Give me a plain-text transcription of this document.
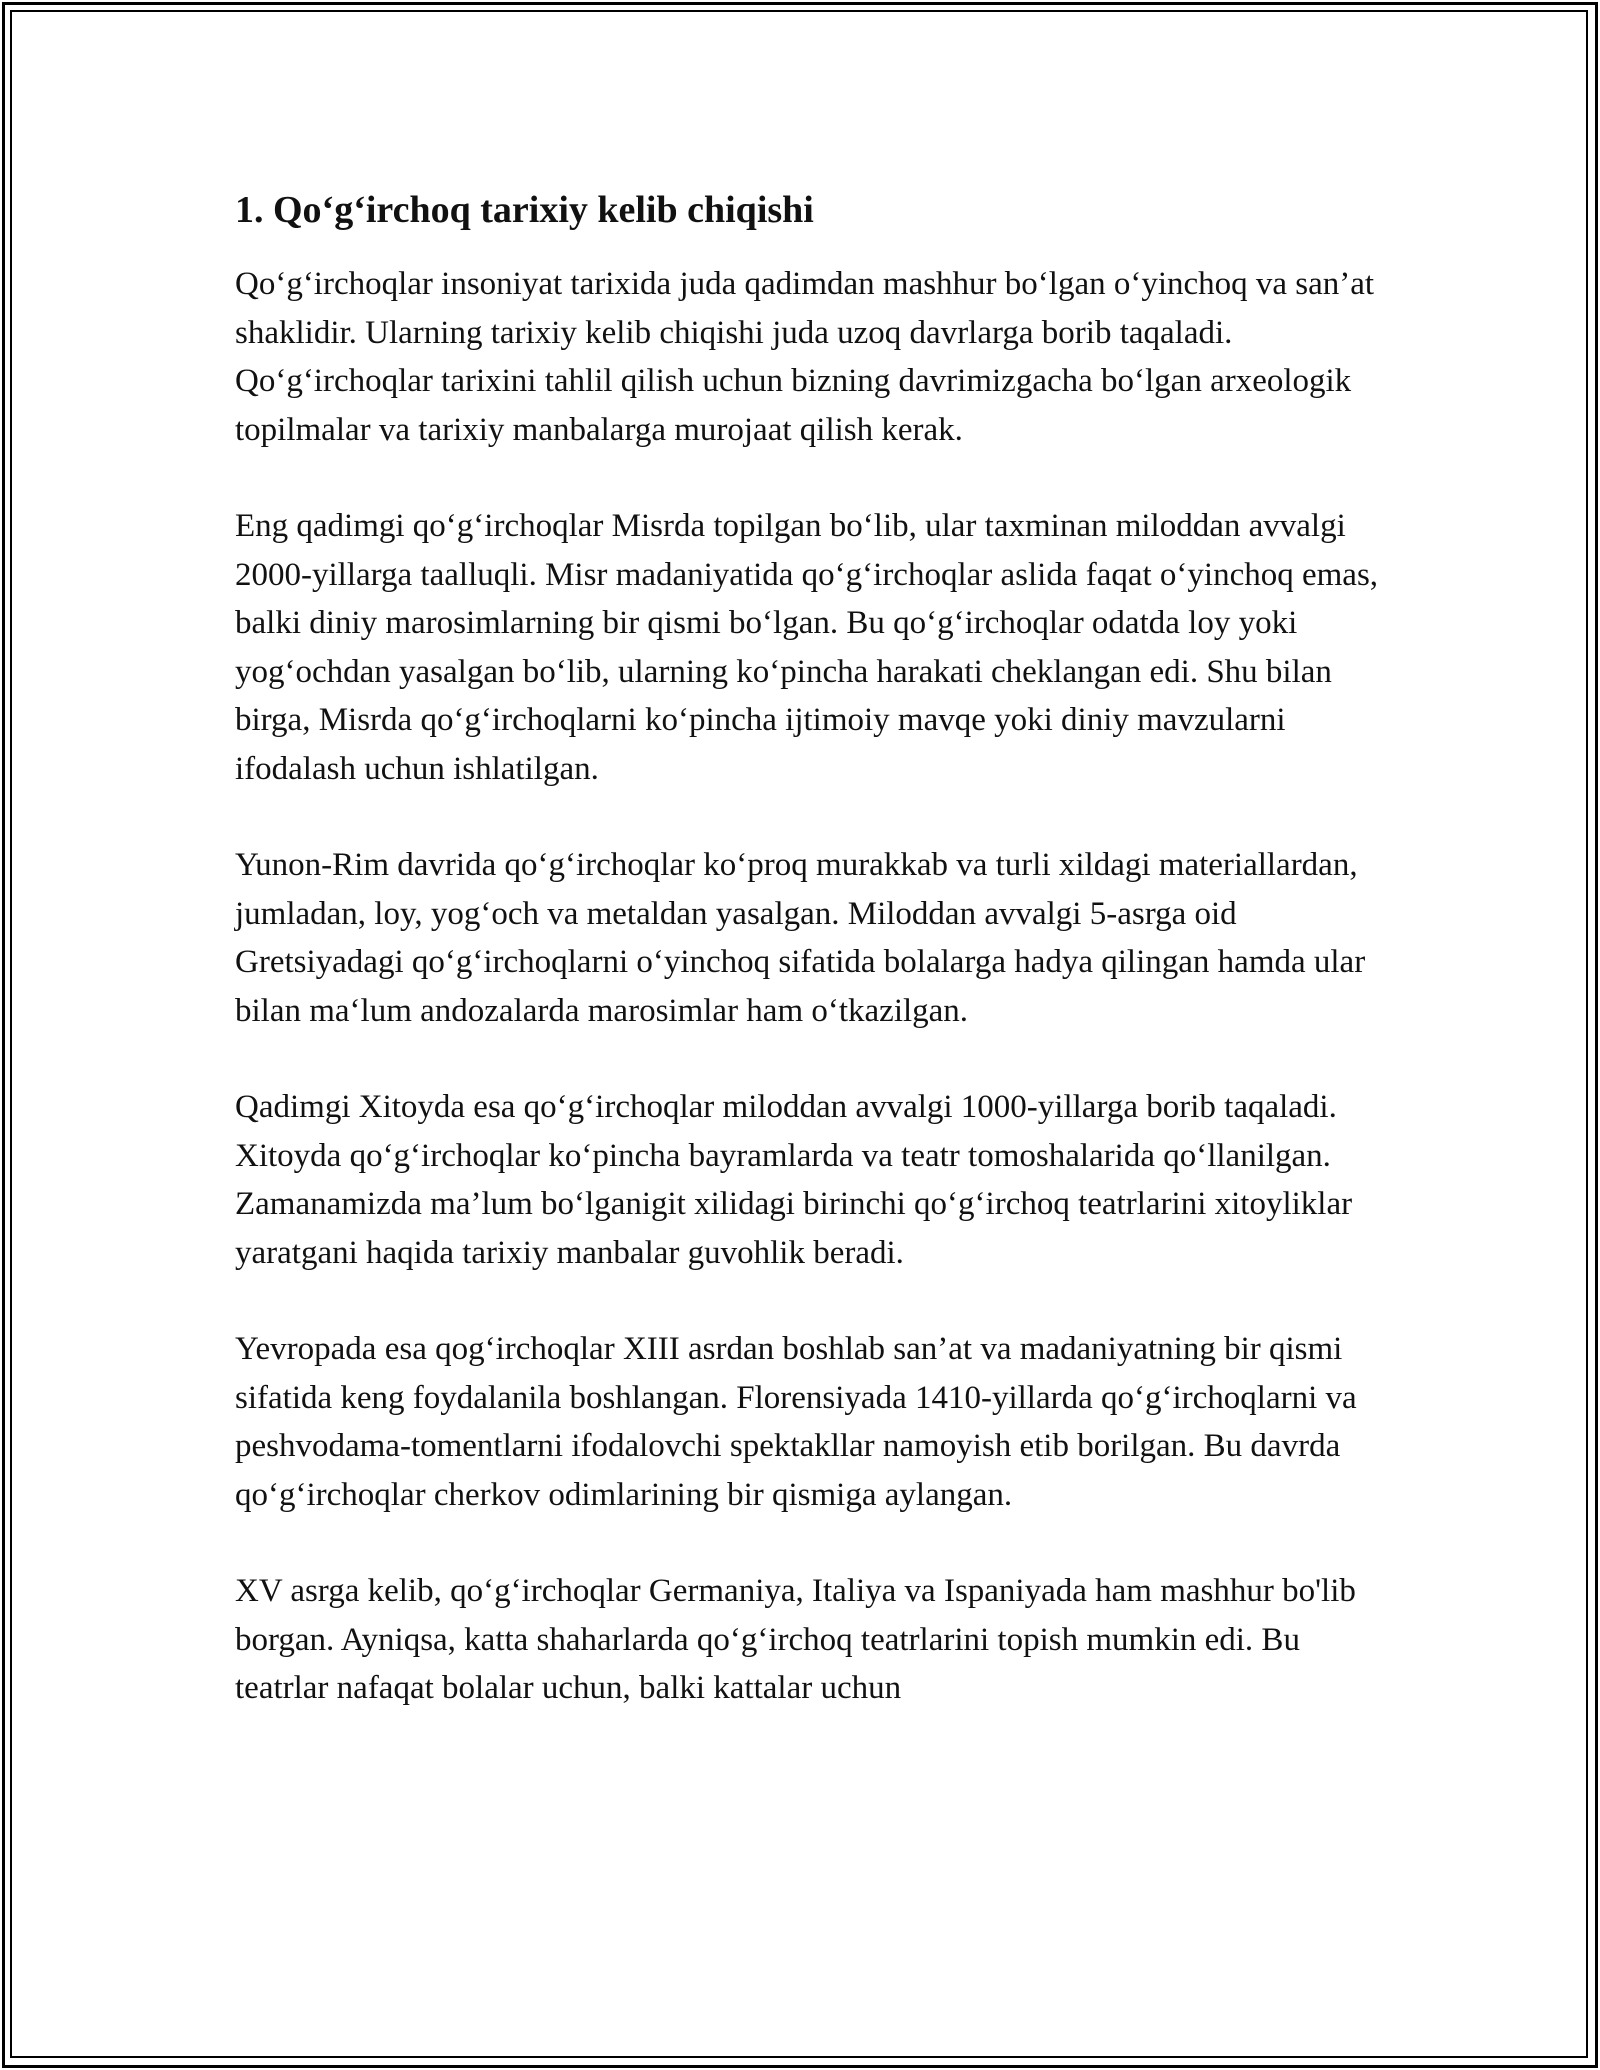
1. Qo‘g‘irchoq tarixiy kelib chiqishi

Qo‘g‘irchoqlar insoniyat tarixida juda qadimdan mashhur bo‘lgan o‘yinchoq va san’at shaklidir. Ularning tarixiy kelib chiqishi juda uzoq davrlarga borib taqaladi. Qo‘g‘irchoqlar tarixini tahlil qilish uchun bizning davrimizgacha bo‘lgan arxeologik topilmalar va tarixiy manbalarga murojaat qilish kerak.

Eng qadimgi qo‘g‘irchoqlar Misrda topilgan bo‘lib, ular taxminan miloddan avvalgi 2000-yillarga taalluqli. Misr madaniyatida qo‘g‘irchoqlar aslida faqat o‘yinchoq emas, balki diniy marosimlarning bir qismi bo‘lgan. Bu qo‘g‘irchoqlar odatda loy yoki yog‘ochdan yasalgan bo‘lib, ularning ko‘pincha harakati cheklangan edi. Shu bilan birga, Misrda qo‘g‘irchoqlarni ko‘pincha ijtimoiy mavqe yoki diniy mavzularni ifodalash uchun ishlatilgan.

Yunon-Rim davrida qo‘g‘irchoqlar ko‘proq murakkab va turli xildagi materiallardan, jumladan, loy, yog‘och va metaldan yasalgan. Miloddan avvalgi 5-asrga oid Gretsiyadagi qo‘g‘irchoqlarni o‘yinchoq sifatida bolalarga hadya qilingan hamda ular bilan ma‘lum andozalarda marosimlar ham o‘tkazilgan.

Qadimgi Xitoyda esa qo‘g‘irchoqlar miloddan avvalgi 1000-yillarga borib taqaladi. Xitoyda qo‘g‘irchoqlar ko‘pincha bayramlarda va teatr tomoshalarida qo‘llanilgan. Zamanamizda ma’lum bo‘lganigit xilidagi birinchi qo‘g‘irchoq teatrlarini xitoyliklar yaratgani haqida tarixiy manbalar guvohlik beradi.

Yevropada esa qog‘irchoqlar XIII asrdan boshlab san’at va madaniyatning bir qismi sifatida keng foydalanila boshlangan. Florensiyada 1410-yillarda qo‘g‘irchoqlarni va peshvodama-tomentlarni ifodalovchi spektakllar namoyish etib borilgan. Bu davrda qo‘g‘irchoqlar cherkov odimlarining bir qismiga aylangan.

XV asrga kelib, qo‘g‘irchoqlar Germaniya, Italiya va Ispaniyada ham mashhur bo'lib borgan. Ayniqsa, katta shaharlarda qo‘g‘irchoq teatrlarini topish mumkin edi. Bu teatrlar nafaqat bolalar uchun, balki kattalar uchun
